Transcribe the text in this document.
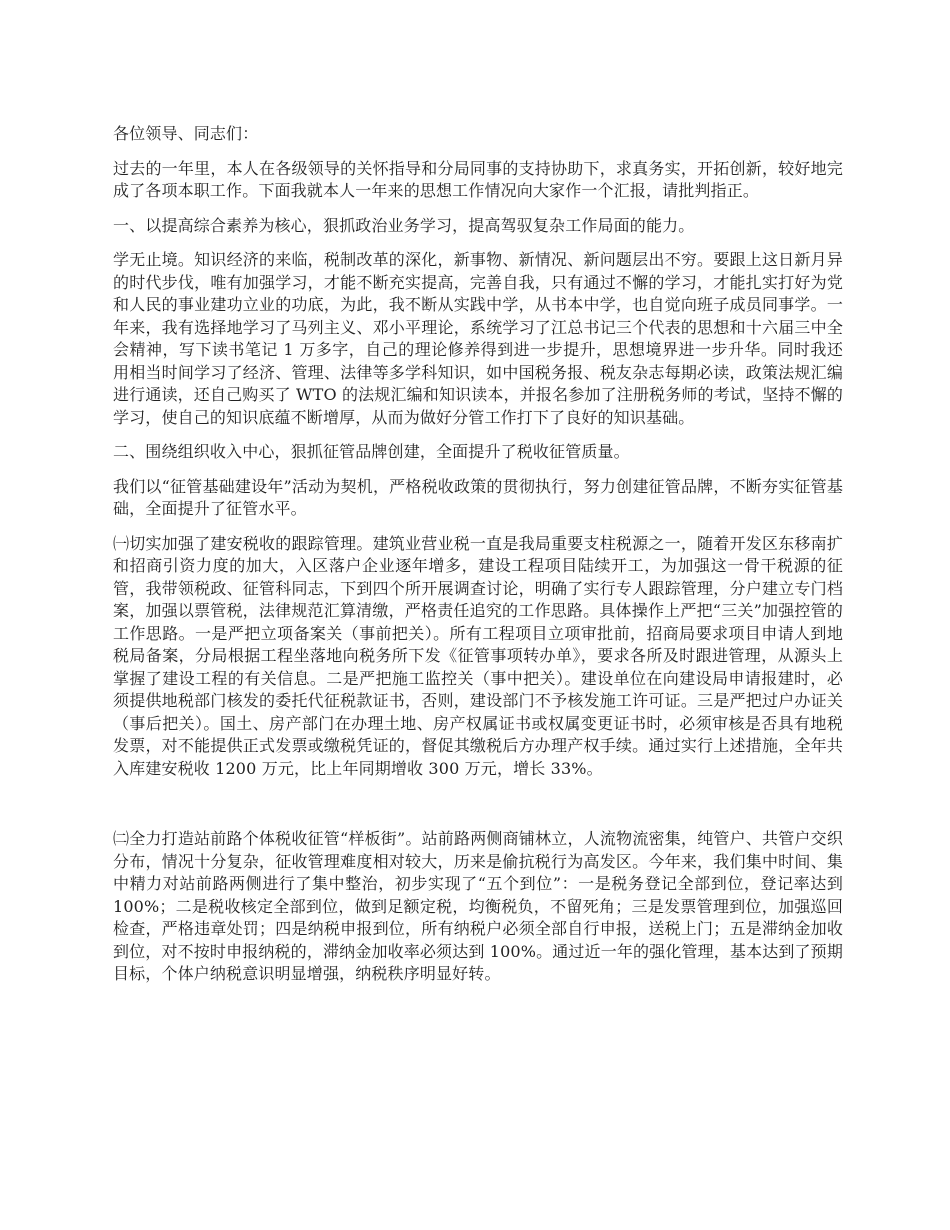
各位领导、同志们：

过去的一年里，本人在各级领导的关怀指导和分局同事的支持协助下，求真务实，开拓创新，较好地完成了各项本职工作。下面我就本人一年来的思想工作情况向大家作一个汇报，请批判指正。

一、以提高综合素养为核心，狠抓政治业务学习，提高驾驭复杂工作局面的能力。

学无止境。知识经济的来临，税制改革的深化，新事物、新情况、新问题层出不穷。要跟上这日新月异的时代步伐，唯有加强学习，才能不断充实提高，完善自我，只有通过不懈的学习，才能扎实打好为党和人民的事业建功立业的功底，为此，我不断从实践中学，从书本中学，也自觉向班子成员同事学。一年来，我有选择地学习了马列主义、邓小平理论，系统学习了江总书记三个代表的思想和十六届三中全会精神，写下读书笔记 1 万多字，自己的理论修养得到进一步提升，思想境界进一步升华。同时我还用相当时间学习了经济、管理、法律等多学科知识，如中国税务报、税友杂志每期必读，政策法规汇编进行通读，还自己购买了 WTO 的法规汇编和知识读本，并报名参加了注册税务师的考试，坚持不懈的学习，使自己的知识底蕴不断增厚，从而为做好分管工作打下了良好的知识基础。

二、围绕组织收入中心，狠抓征管品牌创建，全面提升了税收征管质量。

我们以“征管基础建设年”活动为契机，严格税收政策的贯彻执行，努力创建征管品牌，不断夯实征管基础，全面提升了征管水平。

㈠切实加强了建安税收的跟踪管理。建筑业营业税一直是我局重要支柱税源之一，随着开发区东移南扩和招商引资力度的加大，入区落户企业逐年增多，建设工程项目陆续开工，为加强这一骨干税源的征管，我带领税政、征管科同志，下到四个所开展调查讨论，明确了实行专人跟踪管理，分户建立专门档案，加强以票管税，法律规范汇算清缴，严格责任追究的工作思路。具体操作上严把“三关”加强控管的工作思路。一是严把立项备案关（事前把关）。所有工程项目立项审批前，招商局要求项目申请人到地税局备案，分局根据工程坐落地向税务所下发《征管事项转办单》，要求各所及时跟进管理，从源头上掌握了建设工程的有关信息。二是严把施工监控关（事中把关）。建设单位在向建设局申请报建时，必须提供地税部门核发的委托代征税款证书，否则，建设部门不予核发施工许可证。三是严把过户办证关（事后把关）。国土、房产部门在办理土地、房产权属证书或权属变更证书时，必须审核是否具有地税发票，对不能提供正式发票或缴税凭证的，督促其缴税后方办理产权手续。通过实行上述措施，全年共入库建安税收 1200 万元，比上年同期增收 300 万元，增长 33%。

㈡全力打造站前路个体税收征管“样板街”。站前路两侧商铺林立，人流物流密集，纯管户、共管户交织分布，情况十分复杂，征收管理难度相对较大，历来是偷抗税行为高发区。今年来，我们集中时间、集中精力对站前路两侧进行了集中整治，初步实现了“五个到位”：一是税务登记全部到位，登记率达到 100%；二是税收核定全部到位，做到足额定税，均衡税负，不留死角；三是发票管理到位，加强巡回检查，严格违章处罚；四是纳税申报到位，所有纳税户必须全部自行申报，送税上门；五是滞纳金加收到位，对不按时申报纳税的，滞纳金加收率必须达到 100%。通过近一年的强化管理，基本达到了预期目标，个体户纳税意识明显增强，纳税秩序明显好转。
